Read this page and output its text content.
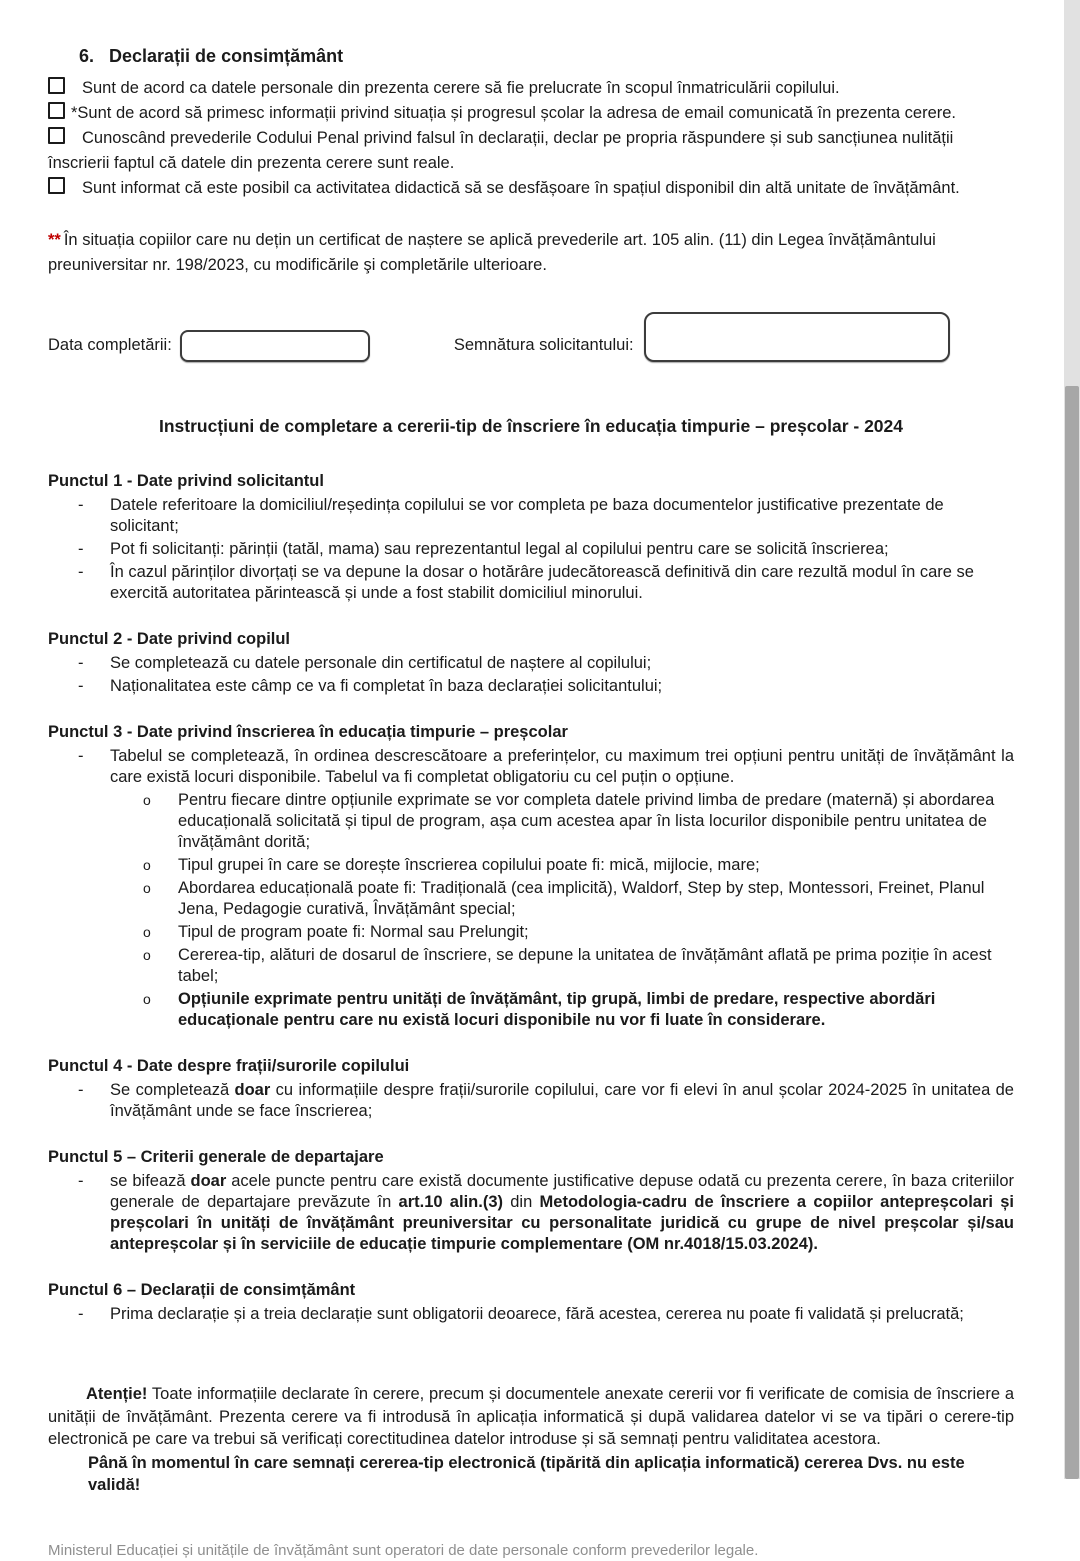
6. Declarații de consimțământ

Sunt de acord ca datele personale din prezenta cerere să fie prelucrate în scopul înmatriculării copilului.

*Sunt de acord să primesc informații privind situația și progresul școlar la adresa de email comunicată în prezenta cerere.

Cunoscând prevederile Codului Penal privind falsul în declarații, declar pe propria răspundere și sub sancțiunea nulității înscrierii faptul că datele din prezenta cerere sunt reale.

Sunt informat că este posibil ca activitatea didactică să se desfășoare în spațiul disponibil din altă unitate de învățământ.

** În situația copiilor care nu dețin un certificat de naștere se aplică prevederile art. 105 alin. (11) din Legea învățământului preuniversitar nr. 198/2023, cu modificările şi completările ulterioare.

Data completării:	Semnătura solicitantului:
Instrucțiuni de completare a cererii-tip de înscriere în educația timpurie – preșcolar - 2024
Punctul 1 - Date privind solicitantul
-	Datele referitoare la domiciliul/reședința copilului se vor completa pe baza documentelor justificative prezentate de solicitant;
-	Pot fi solicitanți: părinții (tatăl, mama) sau reprezentantul legal al copilului pentru care se solicită înscrierea;
-	În cazul părinților divorțați se va depune la dosar o hotărâre judecătorească definitivă din care rezultă modul în care se exercită autoritatea părintească și unde a fost stabilit domiciliul minorului.
Punctul 2 - Date privind copilul
-	Se completează cu datele personale din certificatul de naștere al copilului;
-	Naționalitatea este câmp ce va fi completat în baza declarației solicitantului;
Punctul 3 - Date privind înscrierea în educația timpurie – preșcolar
-	Tabelul se completează, în ordinea descrescătoare a preferințelor, cu maximum trei opțiuni pentru unități de învățământ la care există locuri disponibile. Tabelul va fi completat obligatoriu cu cel puțin o opțiune.
o	Pentru fiecare dintre opțiunile exprimate se vor completa datele privind limba de predare (maternă) și abordarea educațională solicitată și tipul de program, așa cum acestea apar în lista locurilor disponibile pentru unitatea de învățământ dorită;
o	Tipul grupei în care se dorește înscrierea copilului poate fi: mică, mijlocie, mare;
o	Abordarea educațională poate fi: Tradițională (cea implicită), Waldorf, Step by step, Montessori, Freinet, Planul Jena, Pedagogie curativă, Învățământ special;
o	Tipul de program poate fi: Normal sau Prelungit;
o	Cererea-tip, alături de dosarul de înscriere, se depune la unitatea de învățământ aflată pe prima poziție în acest tabel;
o	Opțiunile exprimate pentru unități de învățământ, tip grupă, limbi de predare, respective abordări educaționale pentru care nu există locuri disponibile nu vor fi luate în considerare.
Punctul 4 - Date despre frații/surorile copilului
-	Se completează doar cu informațiile despre frații/surorile copilului, care vor fi elevi în anul școlar 2024-2025 în unitatea de învățământ unde se face înscrierea;
Punctul 5 – Criterii generale de departajare
-	se bifează doar acele puncte pentru care există documente justificative depuse odată cu prezenta cerere, în baza criteriilor generale de departajare prevăzute în art.10 alin.(3) din Metodologia-cadru de înscriere a copiilor antepreșcolari și preșcolari în unități de învățământ preuniversitar cu personalitate juridică cu grupe de nivel preșcolar și/sau antepreșcolar și în serviciile de educație timpurie complementare (OM nr.4018/15.03.2024).
Punctul 6 – Declarații de consimțământ
-	Prima declarație și a treia declarație sunt obligatorii deoarece, fără acestea, cererea nu poate fi validată și prelucrată;

Atenție! Toate informațiile declarate în cerere, precum și documentele anexate cererii vor fi verificate de comisia de înscriere a unității de învățământ. Prezenta cerere va fi introdusă în aplicația informatică și după validarea datelor vi se va tipări o cerere-tip electronică pe care va trebui să verificați corectitudinea datelor introduse și să semnați pentru validitatea acestora.

Până în momentul în care semnați cererea-tip electronică (tipărită din aplicația informatică) cererea Dvs. nu este validă!

Ministerul Educației și unitățile de învățământ sunt operatori de date personale conform prevederilor legale.
